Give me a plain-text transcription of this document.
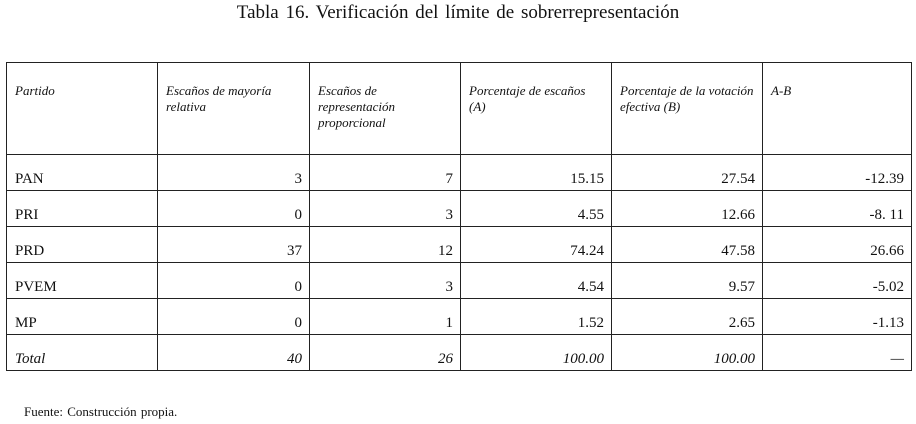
Tabla 16. Verificación del límite de sobrerrepresentación
Partido	Escaños de mayoría relativa	Escaños de representación proporcional	Porcentaje de escaños (A)	Porcentaje de la votación efectiva (B)	A-B
PAN	3	7	15.15	27.54	-12.39
PRI	0	3	4.55	12.66	-8. 11
PRD	37	12	74.24	47.58	26.66
PVEM	0	3	4.54	9.57	-5.02
MP	0	1	1.52	2.65	-1.13
Total	40	26	100.00	100.00	—
Fuente: Construcción propia.
